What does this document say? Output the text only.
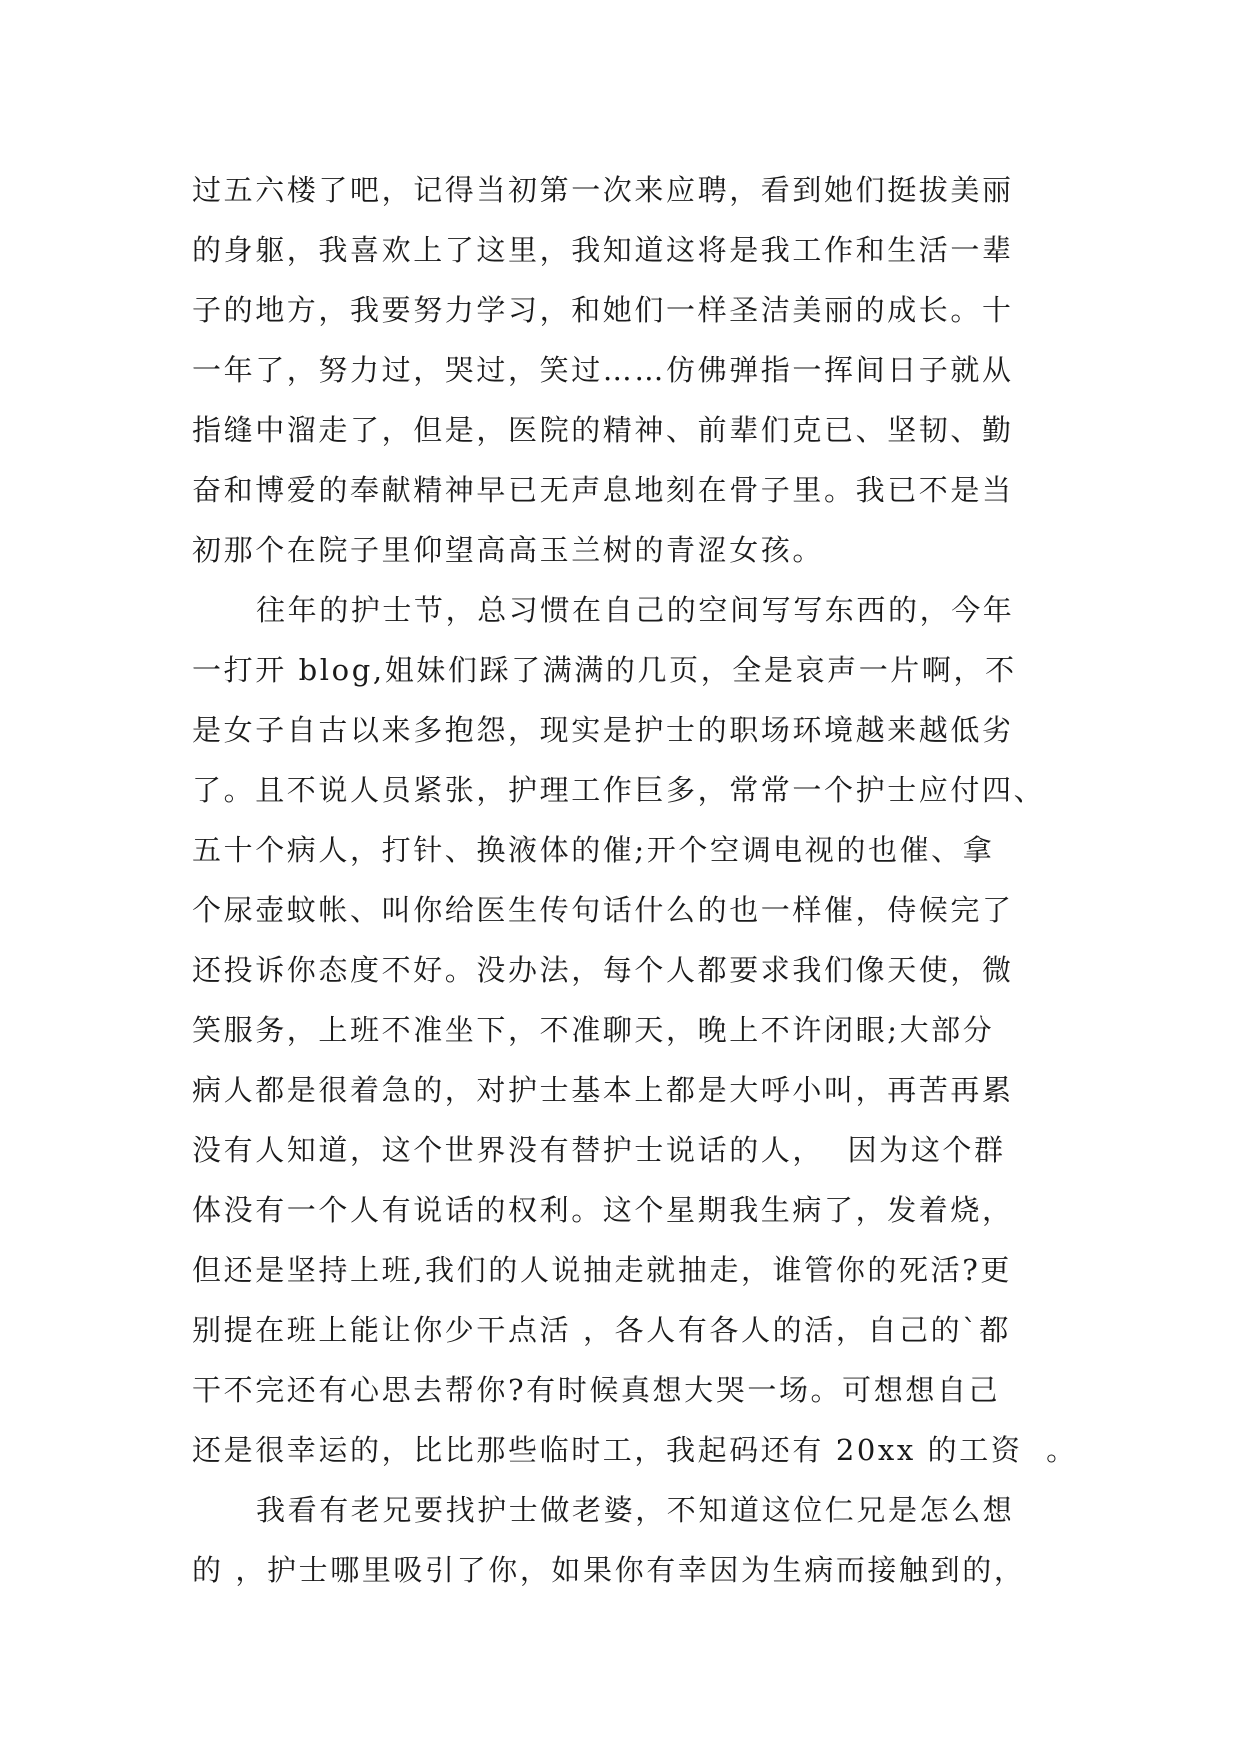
过五六楼了吧，记得当初第一次来应聘，看到她们挺拔美丽
的身躯，我喜欢上了这里，我知道这将是我工作和生活一辈
子的地方，我要努力学习，和她们一样圣洁美丽的成长。十
一年了，努力过，哭过，笑过……仿佛弹指一挥间日子就从
指缝中溜走了，但是，医院的精神、前辈们克已、坚韧、勤
奋和博爱的奉献精神早已无声息地刻在骨子里。我已不是当
初那个在院子里仰望高高玉兰树的青涩女孩。
往年的护士节，总习惯在自己的空间写写东西的，今年
一打开 blog,姐妹们踩了满满的几页，全是哀声一片啊，不
是女子自古以来多抱怨，现实是护士的职场环境越来越低劣
了。且不说人员紧张，护理工作巨多，常常一个护士应付四、
五十个病人，打针、换液体的催;开个空调电视的也催、拿
个尿壶蚊帐、叫你给医生传句话什么的也一样催，侍候完了
还投诉你态度不好。没办法，每个人都要求我们像天使，微
笑服务，上班不准坐下，不准聊天，晚上不许闭眼;大部分
病人都是很着急的，对护士基本上都是大呼小叫，再苦再累
没有人知道，这个世界没有替护士说话的人，  因为这个群
体没有一个人有说话的权利。这个星期我生病了，发着烧，
但还是坚持上班,我们的人说抽走就抽走，谁管你的死活?更
别提在班上能让你少干点活 ，各人有各人的活，自己的`都
干不完还有心思去帮你?有时候真想大哭一场。可想想自己
还是很幸运的，比比那些临时工，我起码还有 20xx 的工资  。
我看有老兄要找护士做老婆，不知道这位仁兄是怎么想
的 ，护士哪里吸引了你，如果你有幸因为生病而接触到的，
